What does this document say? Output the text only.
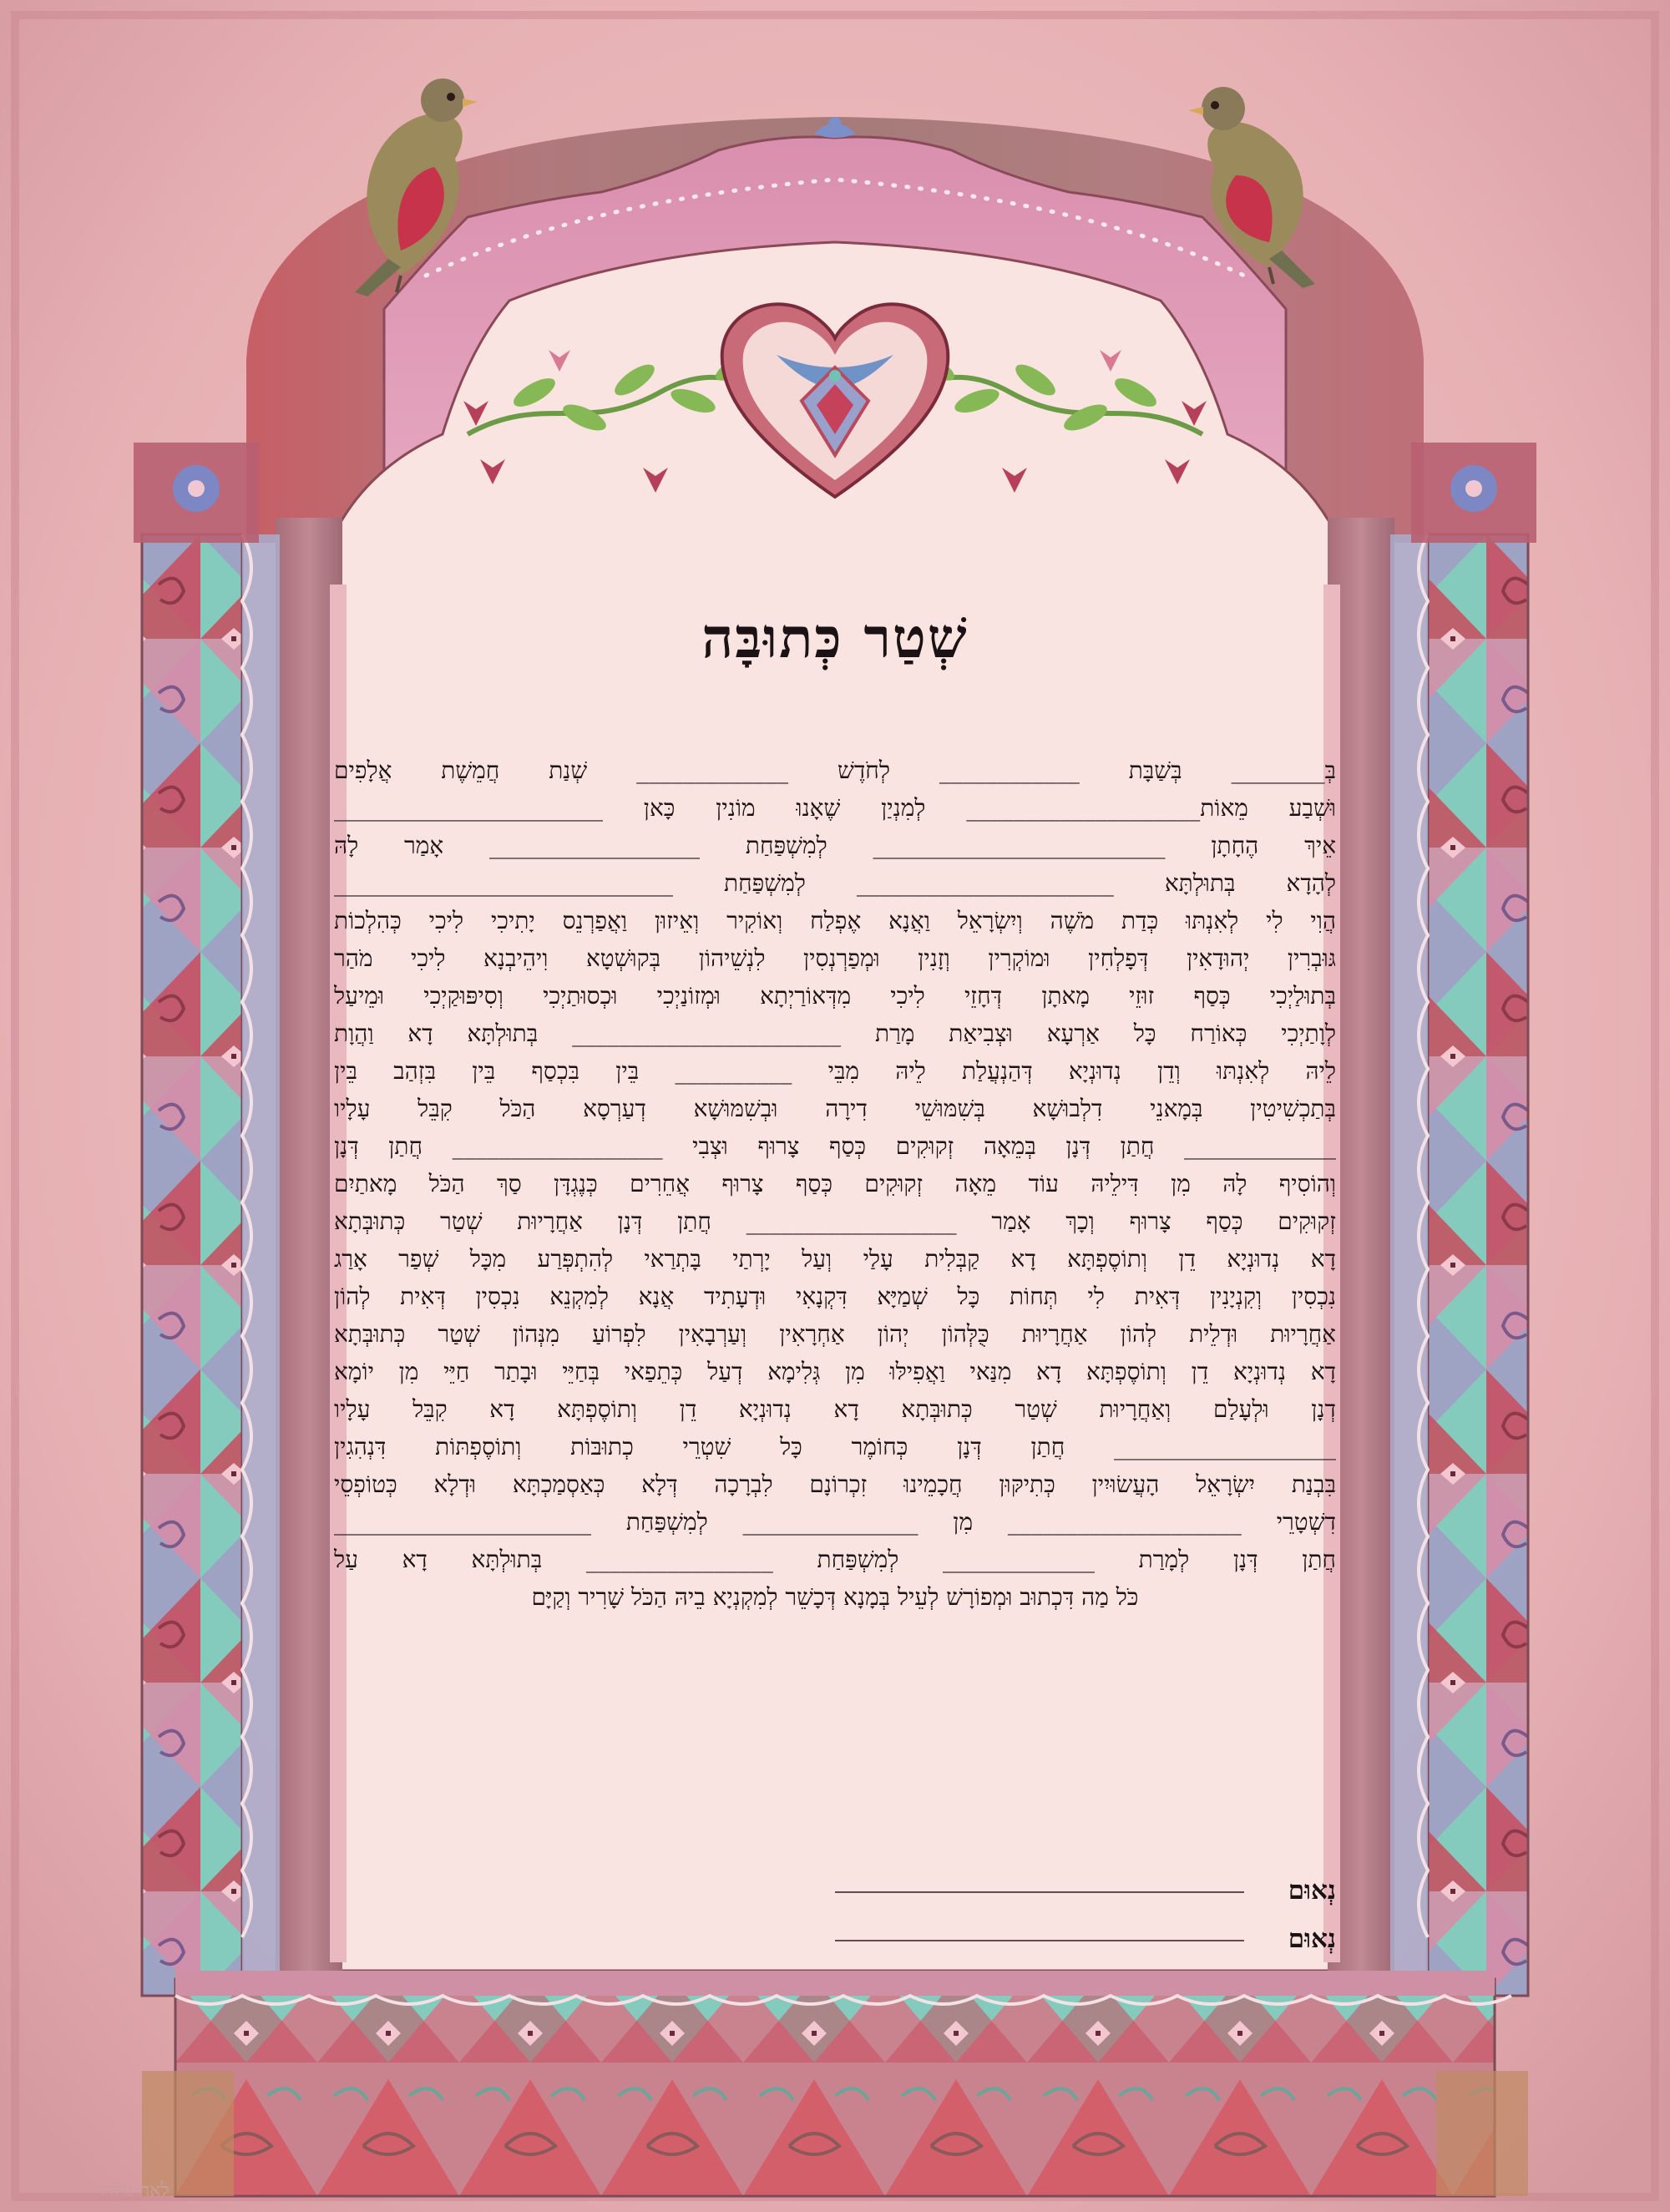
שְׁטַר כְּתוּבָּה
בְּ________ בְּשַׁבָּת ____________ לְחֹדֶשׁ _____________ שְׁנַת חֲמֵשֶׁת אֲלָפִים
וּשְׁבַע מֵאוֹת____________________ לְמִנְיַן שֶׁאָנוּ מוֹנִין כָּאן _______________________
אֵיךְ הֶחָתָן _________________________ לְמִשְׁפַּחַת __________________ אָמַר לָהּ
לְהָדָא בְּתוּלְתָּא ______________________ לְמִשְׁפַּחַת _____________________________
הֲוִי לִי לְאִנְתּוּ כְּדַת מֹשֶׁה וְיִשְׂרָאֵל וַאֲנָא אֶפְלַח וְאוֹקִיר וְאֵיזוּן וַאֲפַרְנֵס יָתִיכִי לִיכִי כְּהִלְכוֹת
גּוּבְרִין יְהוּדָאִין דְּפָלְחִין וּמוֹקְרִין וְזָנִין וּמְפַרְנְסִין לִנְשֵׁיהוֹן בְּקוּשְׁטָא וִיהֵיבְנָא לִיכִי מֹהַר
בְּתוּלַיְכִי כְּסַף זוּזֵי מָאתָן דְּחָזֵי לִיכִי מִדְּאוֹרַיְתָא וּמְזוֹנַיְכִי וּכְסוּתַיְכִי וְסִיפּוּקַיְכִי וּמֵיעַל
לְוָתַיְכִי כְּאוֹרַח כָּל אַרְעָא וּצְבִיאַת מָרַת _______________________ בְּתוּלְתָּא דָא וַהֲוָת
לֵיהּ לְאִנְתּוּ וְדֵן נְדוּנְיָא דְּהַנְעֲלַת לֵיהּ מִבֵּי __________ בֵּין בִּכְסַף בֵּין בִּזְהַב בֵּין
בְּתַכְשִׁיטִין בְּמָאנֵי דִלְבוּשָׁא בְּשִׁמּוּשֵׁי דִירָה וּבְשִׁמּוּשָׁא דְעַרְסָא הַכֹּל קִבֵּל עָלָיו
_____________ חֲתַן דְּנָן בְּמֵאָה זְקוּקִים כְּסַף צָרוּף וּצְבִי __________________ חֲתַן דְּנָן
וְהוֹסִיף לָהּ מִן דִּילֵיהּ עוֹד מֵאָה זְקוּקִים כְּסַף צָרוּף אֲחֵרִים כְּנֶגְדָּן סַךְ הַכֹּל מָאתַיִם
זְקוּקִים כְּסַף צָרוּף וְכָךְ אָמַר __________________ חֲתַן דְּנָן אַחֲרָיוּת שְׁטַר כְּתוּבְּתָא
דָא נְדוּנְיָא דֵן וְתוֹסֶפְתָּא דָא קַבְּלִית עָלַי וְעַל יָרְתַי בָּתְרַאי לְהִתְפְּרַע מִכָּל שְׁפַר אָרַג
נִכְסִין וְקִנְיָנִין דְּאִית לִי תְּחוֹת כָּל שְׁמַיָּא דִּקְנָאִי וּדְעָתִיד אֲנָא לְמִקְנֵא נִכְסִין דְּאִית לְהוֹן
אַחֲרָיוּת וּדְלֵית לְהוֹן אַחֲרָיוּת כֻּלְּהוֹן יְהוֹן אַחְרָאִין וְעַרְבָאִין לִפְרוֹעַ מִנְּהוֹן שְׁטַר כְּתוּבְּתָא
דָא נְדוּנְיָא דֵן וְתוֹסֶפְתָּא דָא מִנַּאי וַאֲפִילּוּ מִן גְּלִימָא דְעַל כְּתֵפַאי בְּחַיֵּי וּבָתַר חַיֵּי מִן יוֹמָא
דְנָן וּלְעָלַם וְאַחֲרָיוּת שְׁטַר כְּתוּבְּתָא דָא נְדוּנְיָא דֵן וְתוֹסֶפְתָּא דָא קִבֵּל עָלָיו
___________________ חֲתַן דְּנָן כְּחוֹמֶר כָּל שִׁטְרֵי כְתוּבּוֹת וְתוֹסֶפְתּוֹת דִּנְהִגִין
בִּבְנַת יִשְׂרָאֵל הָעֲשׂוּיִין כְּתִיקּוּן חֲכָמֵינוּ זִכְרוֹנָם לִבְרָכָה דְּלָא כְּאַסְמַכְתָּא וּדְלָא כְּטוֹפְסֵי
דִשְׁטָרֵי ____________________ מִן _______________ לְמִשְׁפַּחַת ______________________
חֲתַן דְּנָן לְמָרַת _____________ לְמִשְׁפַּחַת ________________ בְּתוּלְתָּא דָא עַל
כֹּל מַה דִּכְתוּב וּמְפוֹרָשׁ לְעֵיל בְּמָנָא דְּכָשֵׁר לְמִקְנְיָא בֵיהּ הַכֹּל שָׁרִיר וְקַיָּם
נְאוּם
נְאוּם
לאה גולדר
